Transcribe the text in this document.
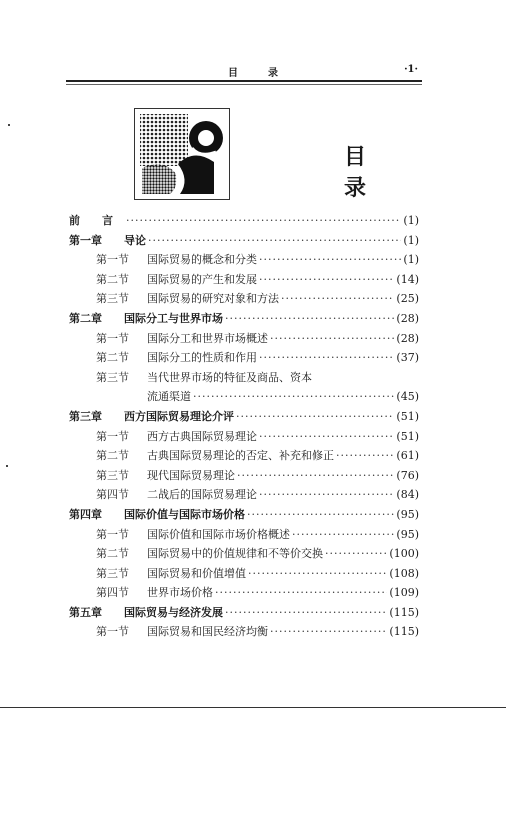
目　录	·1·
目　录
前　　言 ·····	(1)
第一章	导论 ·····	(1)
第一节	国际贸易的概念和分类 ·····	(1)
第二节	国际贸易的产生和发展 ·····	(14)
第三节	国际贸易的研究对象和方法 ·····	(25)
第二章	国际分工与世界市场 ·····	(28)
第一节	国际分工和世界市场概述 ·····	(28)
第二节	国际分工的性质和作用 ·····	(37)
第三节	当代世界市场的特征及商品、资本
流通渠道 ·····	(45)
第三章	西方国际贸易理论介评 ·····	(51)
第一节	西方古典国际贸易理论 ·····	(51)
第二节	古典国际贸易理论的否定、补充和修正 ·····	(61)
第三节	现代国际贸易理论 ·····	(76)
第四节	二战后的国际贸易理论 ·····	(84)
第四章	国际价值与国际市场价格 ·····	(95)
第一节	国际价值和国际市场价格概述 ·····	(95)
第二节	国际贸易中的价值规律和不等价交换 ·····	(100)
第三节	国际贸易和价值增值 ·····	(108)
第四节	世界市场价格 ·····	(109)
第五章	国际贸易与经济发展 ·····	(115)
第一节	国际贸易和国民经济均衡 ·····	(115)
